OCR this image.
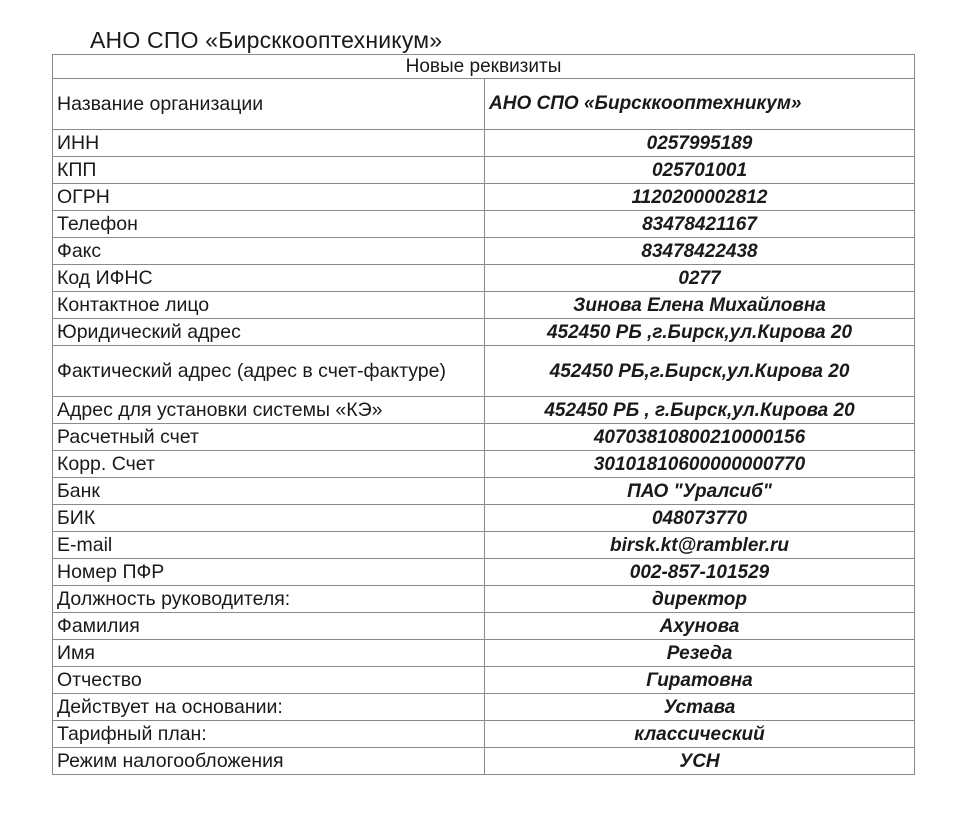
АНО СПО «Бирсккооптехникум»
Новые реквизиты	
Название организации	АНО СПО «Бирсккооптехникум»
ИНН	0257995189
КПП	025701001
ОГРН	1120200002812
Телефон	83478421167
Факс	83478422438
Код ИФНС	0277
Контактное лицо	Зинова Елена Михайловна
Юридический адрес	452450 РБ ,г.Бирск,ул.Кирова 20
Фактический адрес (адрес в счет-фактуре)	452450 РБ,г.Бирск,ул.Кирова 20
Адрес для установки системы «КЭ»	452450 РБ , г.Бирск,ул.Кирова 20
Расчетный счет	40703810800210000156
Корр. Счет	30101810600000000770
Банк	ПАО "Уралсиб"
БИК	048073770
E-mail	birsk.kt@rambler.ru
Номер ПФР	002-857-101529
Должность руководителя:	директор
Фамилия	Ахунова
Имя	Резеда
Отчество	Гиратовна
Действует на основании:	Устава
Тарифный план:	классический
Режим налогообложения	УСН
